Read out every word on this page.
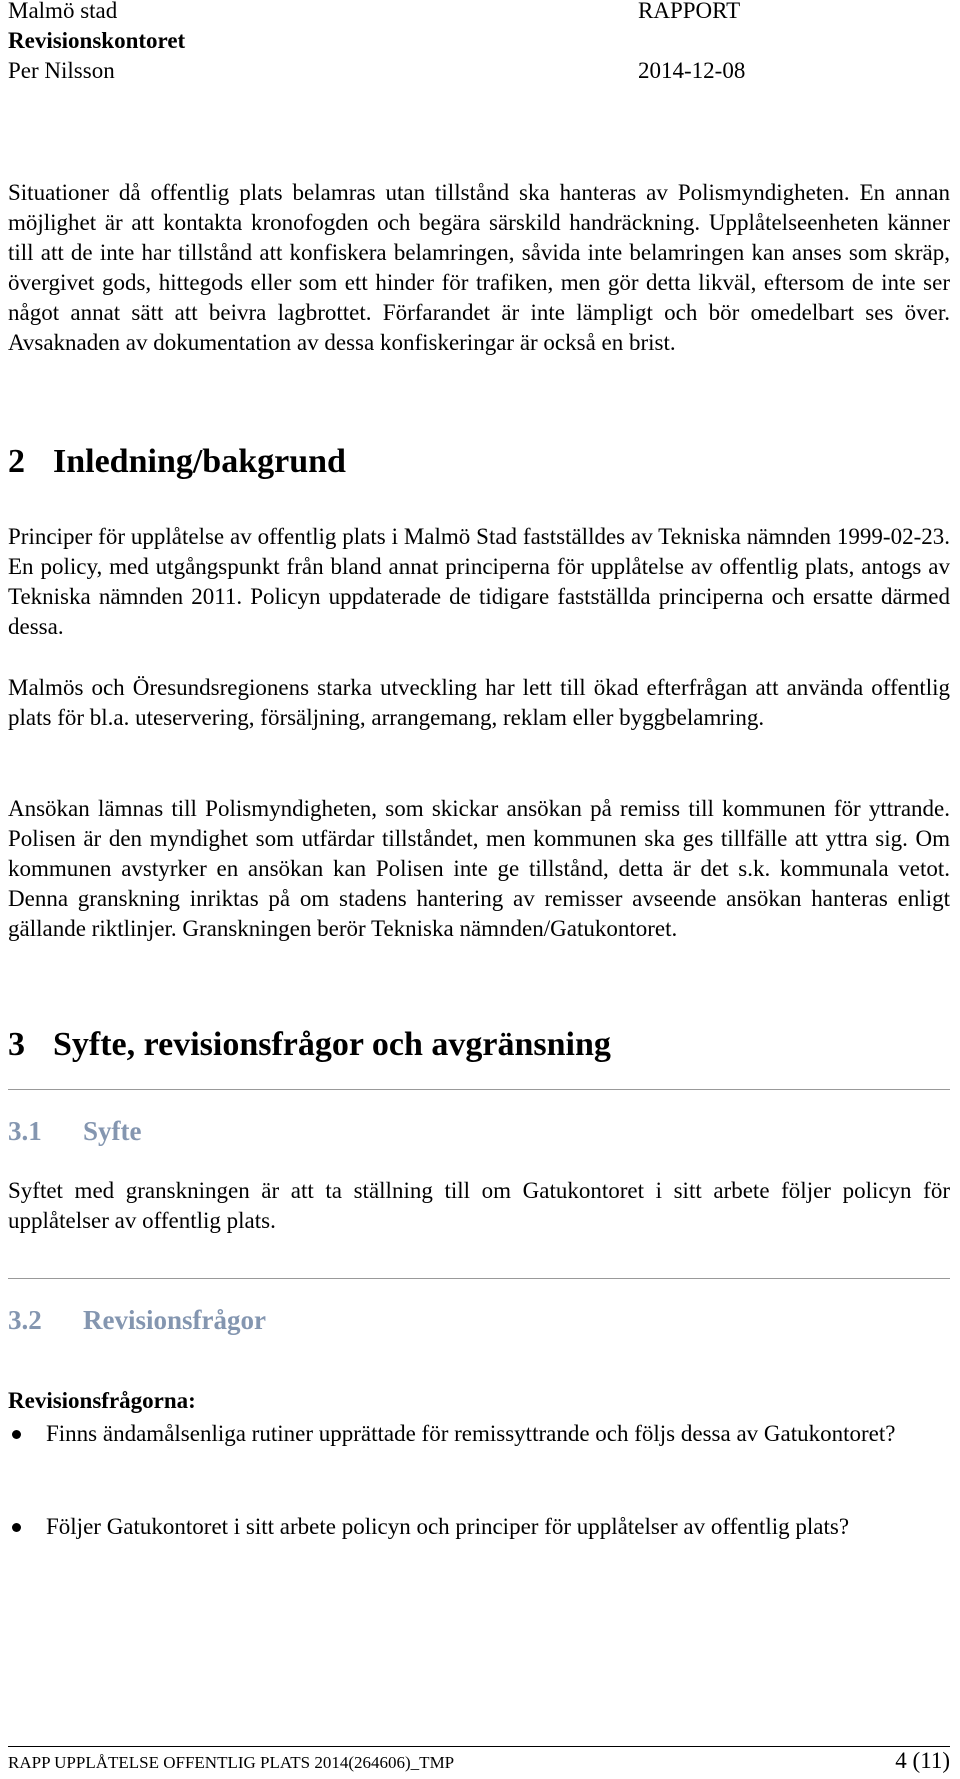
Malmö stad
Revisionskontoret
Per Nilsson
RAPPORT

2014-12-08

Situationer då offentlig plats belamras utan tillstånd ska hanteras av Polismyndigheten. En annan möjlighet är att kontakta kronofogden och begära särskild handräckning. Upplåtelseenheten känner till att de inte har tillstånd att konfiskera belamringen, såvida inte belamringen kan anses som skräp, övergivet gods, hittegods eller som ett hinder för trafiken, men gör detta likväl, eftersom de inte ser något annat sätt att beivra lagbrottet. Förfarandet är inte lämpligt och bör omedelbart ses över. Avsaknaden av dokumentation av dessa konfiskeringar är också en brist.

2 Inledning/bakgrund

Principer för upplåtelse av offentlig plats i Malmö Stad fastställdes av Tekniska nämnden 1999-02-23. En policy, med utgångspunkt från bland annat principerna för upplåtelse av offentlig plats, antogs av Tekniska nämnden 2011. Policyn uppdaterade de tidigare fastställda principerna och ersatte därmed dessa.

Malmös och Öresundsregionens starka utveckling har lett till ökad efterfrågan att använda offentlig plats för bl.a. uteservering, försäljning, arrangemang, reklam eller byggbelamring.

Ansökan lämnas till Polismyndigheten, som skickar ansökan på remiss till kommunen för yttrande. Polisen är den myndighet som utfärdar tillståndet, men kommunen ska ges tillfälle att yttra sig. Om kommunen avstyrker en ansökan kan Polisen inte ge tillstånd, detta är det s.k. kommunala vetot. Denna granskning inriktas på om stadens hantering av remisser avseende ansökan hanteras enligt gällande riktlinjer. Granskningen berör Tekniska nämnden/Gatukontoret.

3 Syfte, revisionsfrågor och avgränsning
3.1 Syfte

Syftet med granskningen är att ta ställning till om Gatukontoret i sitt arbete följer policyn för upplåtelser av offentlig plats.

3.2 Revisionsfrågor
Revisionsfrågorna:
Finns ändamålsenliga rutiner upprättade för remissyttrande och följs dessa av Gatukontoret?
Följer Gatukontoret i sitt arbete policyn och principer för upplåtelser av offentlig plats?
RAPP UPPLÅTELSE OFFENTLIG PLATS 2014(264606)_TMP	4 (11)
